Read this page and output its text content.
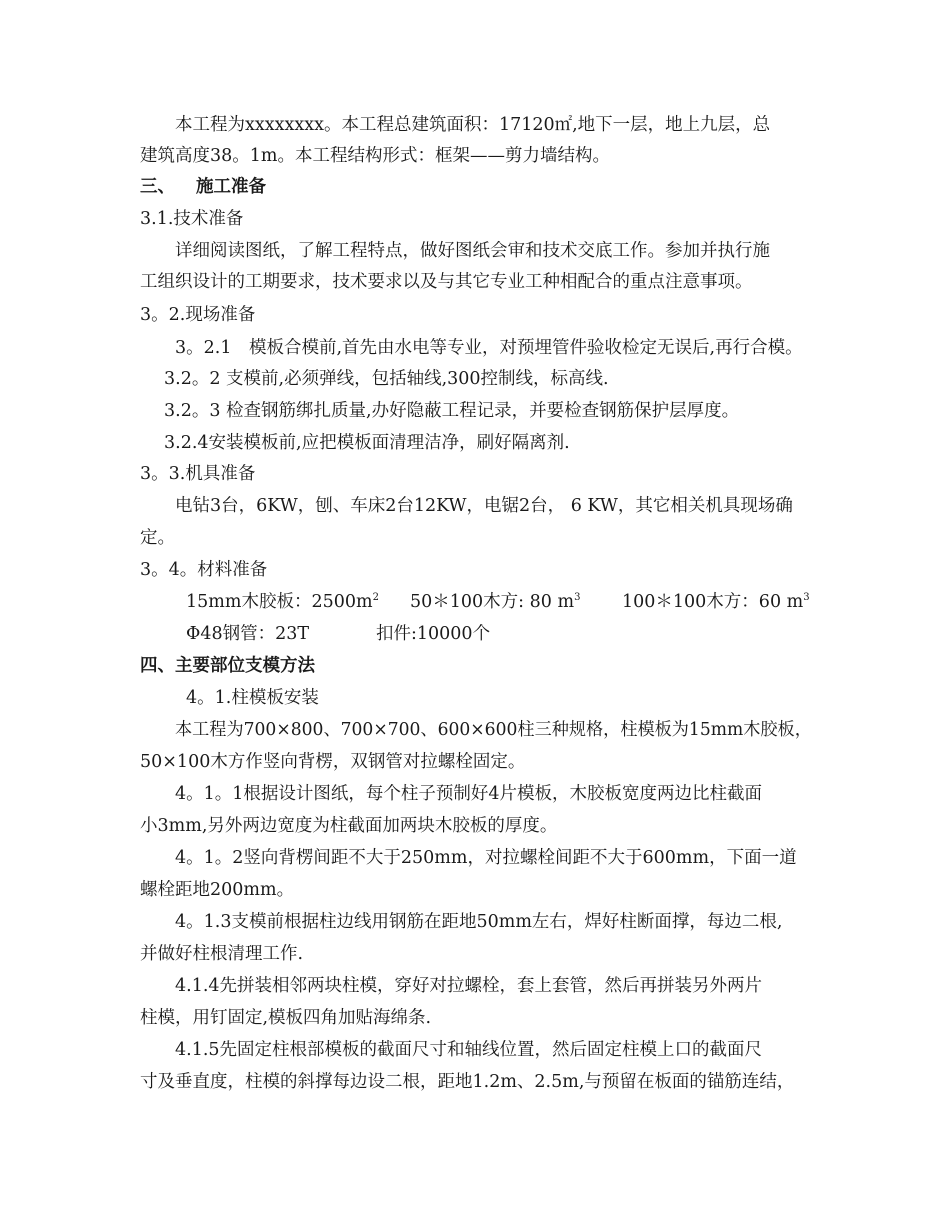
本工程为xxxxxxxx。本工程总建筑面积：17120㎡,地下一层，地上九层，总
建筑高度38。1m。本工程结构形式：框架——剪力墙结构。
三、 施工准备
3.1.技术准备
详细阅读图纸，了解工程特点，做好图纸会审和技术交底工作。参加并执行施
工组织设计的工期要求，技术要求以及与其它专业工种相配合的重点注意事项。
3。2.现场准备
3。2.1　模板合模前,首先由水电等专业，对预埋管件验收检定无误后,再行合模。
3.2。2 支模前,必须弹线，包括轴线,300控制线，标高线.
3.2。3 检查钢筋绑扎质量,办好隐蔽工程记录，并要检查钢筋保护层厚度。
3.2.4安装模板前,应把模板面清理洁净，刷好隔离剂.
3。3.机具准备
电钻3台，6KW，刨、车床2台12KW，电锯2台， 6 KW，其它相关机具现场确
定。
3。4。材料准备
15mm木胶板：$2500m^2$ 50＊100木方: 80 $m^3$ 100＊100木方：60 $m^3$
Φ48钢管：23T	扣件:10000个
四、主要部位支模方法
4。1.柱模板安装
本工程为700×800、700×700、600×600柱三种规格，柱模板为15mm木胶板，
50×100木方作竖向背楞，双钢管对拉螺栓固定。
4。1。1根据设计图纸，每个柱子预制好4片模板，木胶板宽度两边比柱截面
小3mm,另外两边宽度为柱截面加两块木胶板的厚度。
4。1。2竖向背楞间距不大于250mm，对拉螺栓间距不大于600mm，下面一道
螺栓距地200mm。
4。1.3支模前根据柱边线用钢筋在距地50mm左右，焊好柱断面撑，每边二根,
并做好柱根清理工作.
4.1.4先拼装相邻两块柱模，穿好对拉螺栓，套上套管，然后再拼装另外两片
柱模，用钉固定,模板四角加贴海绵条.
4.1.5先固定柱根部模板的截面尺寸和轴线位置，然后固定柱模上口的截面尺
寸及垂直度，柱模的斜撑每边设二根，距地1.2m、2.5m,与预留在板面的锚筋连结，
